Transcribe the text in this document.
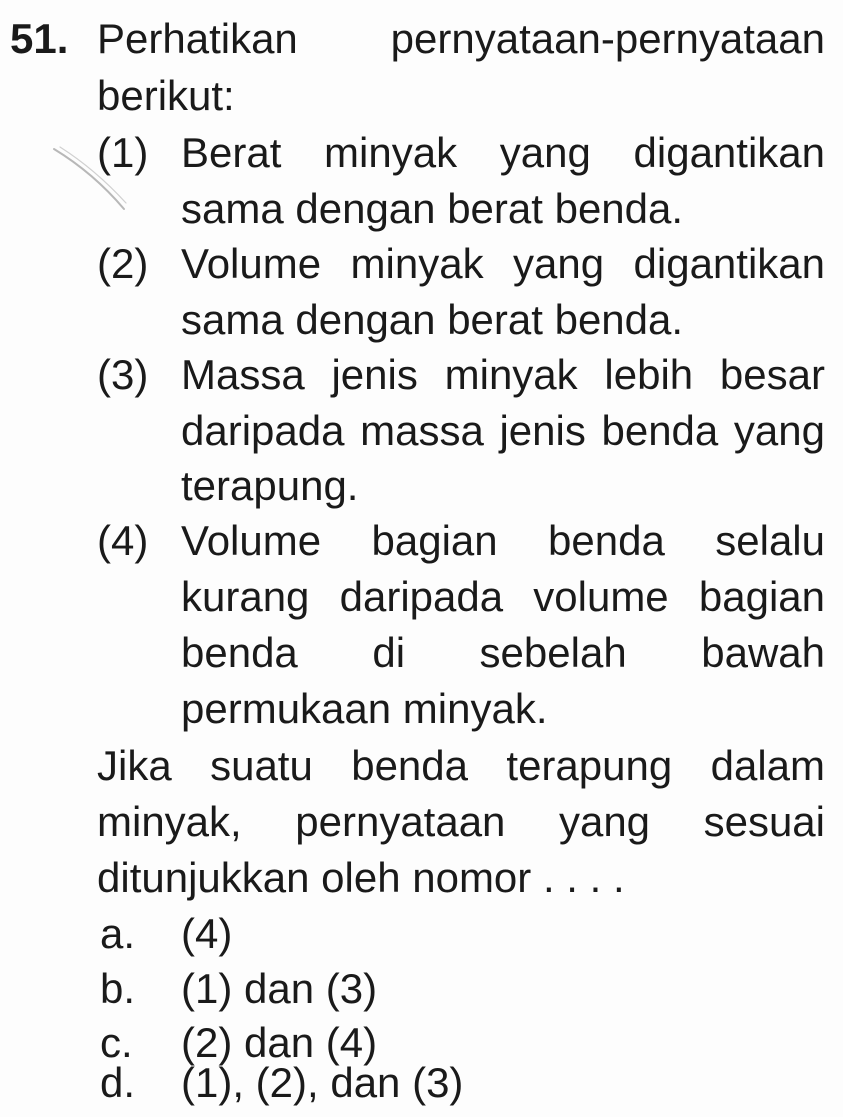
51. Perhatikan pernyataan-pernyataan
berikut:
(1) Berat minyak yang digantikan
sama dengan berat benda.
(2) Volume minyak yang digantikan
sama dengan berat benda.
(3) Massa jenis minyak lebih besar
daripada massa jenis benda yang
terapung.
(4) Volume bagian benda selalu
kurang daripada volume bagian
benda di sebelah bawah
permukaan minyak.
Jika suatu benda terapung dalam
minyak, pernyataan yang sesuai
ditunjukkan oleh nomor . . . .
a. (4)
b. (1) dan (3)
c. (2) dan (4)
d. (1), (2), dan (3)
